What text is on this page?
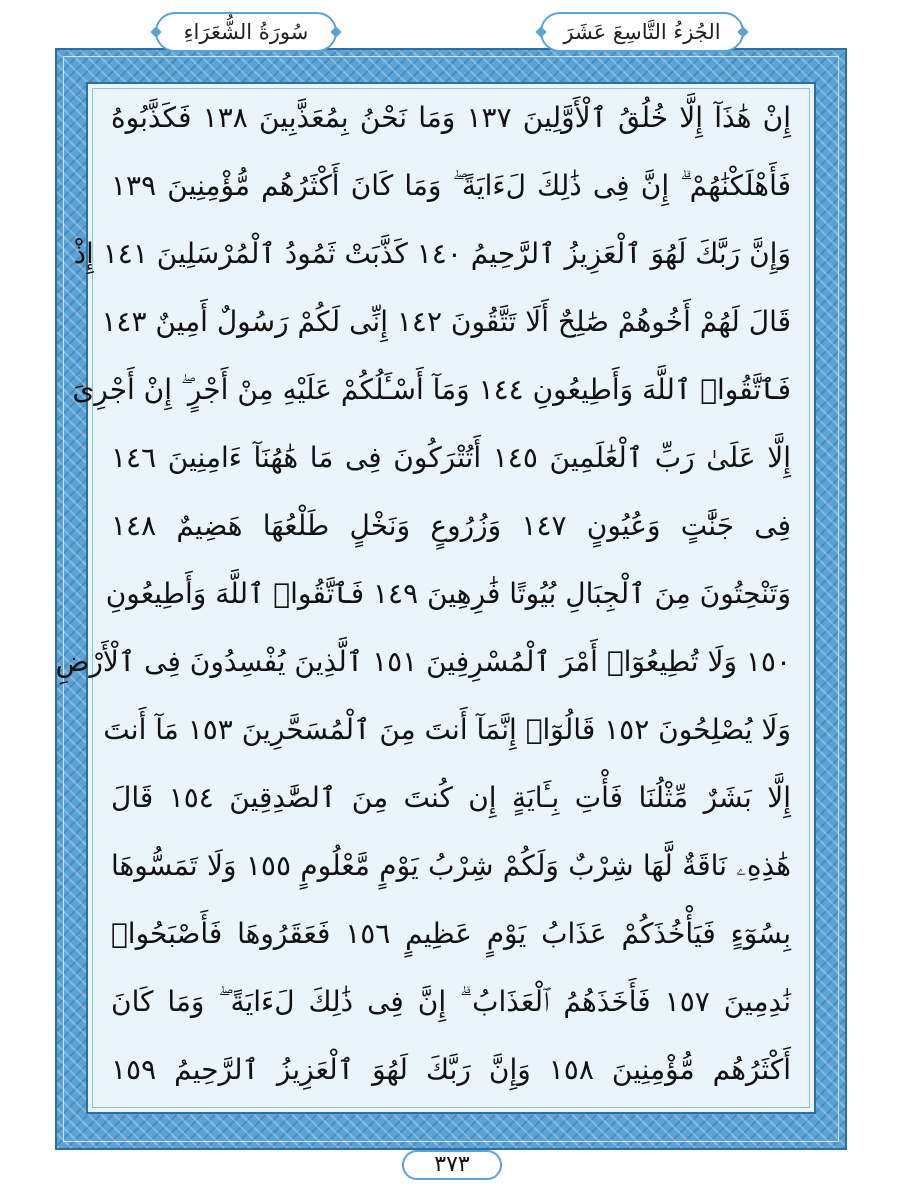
الجُزءُ التَّاسِعَ عَشَرَ
سُورَةُ الشُّعَرَاءِ
إِنْ هَٰذَآ إِلَّا خُلُقُ ٱلْأَوَّلِينَ ١٣٧ وَمَا نَحْنُ بِمُعَذَّبِينَ ١٣٨ فَكَذَّبُوهُ
فَأَهْلَكْنَٰهُمْ ۗ إِنَّ فِى ذَٰلِكَ لَءَايَةً ۖ وَمَا كَانَ أَكْثَرُهُم مُّؤْمِنِينَ ١٣٩
وَإِنَّ رَبَّكَ لَهُوَ ٱلْعَزِيزُ ٱلرَّحِيمُ ١٤٠ كَذَّبَتْ ثَمُودُ ٱلْمُرْسَلِينَ ١٤١ إِذْ
قَالَ لَهُمْ أَخُوهُمْ صَٰلِحٌ أَلَا تَتَّقُونَ ١٤٢ إِنِّى لَكُمْ رَسُولٌ أَمِينٌ ١٤٣
فَٱتَّقُوا۟ ٱللَّهَ وَأَطِيعُونِ ١٤٤ وَمَآ أَسْـَٔلُكُمْ عَلَيْهِ مِنْ أَجْرٍ ۖ إِنْ أَجْرِىَ
إِلَّا عَلَىٰ رَبِّ ٱلْعَٰلَمِينَ ١٤٥ أَتُتْرَكُونَ فِى مَا هَٰهُنَآ ءَامِنِينَ ١٤٦
فِى جَنَّٰتٍ وَعُيُونٍ ١٤٧ وَزُرُوعٍ وَنَخْلٍ طَلْعُهَا هَضِيمٌ ١٤٨
وَتَنْحِتُونَ مِنَ ٱلْجِبَالِ بُيُوتًا فَٰرِهِينَ ١٤٩ فَٱتَّقُوا۟ ٱللَّهَ وَأَطِيعُونِ
١٥٠ وَلَا تُطِيعُوٓا۟ أَمْرَ ٱلْمُسْرِفِينَ ١٥١ ٱلَّذِينَ يُفْسِدُونَ فِى ٱلْأَرْضِ
وَلَا يُصْلِحُونَ ١٥٢ قَالُوٓا۟ إِنَّمَآ أَنتَ مِنَ ٱلْمُسَحَّرِينَ ١٥٣ مَآ أَنتَ
إِلَّا بَشَرٌ مِّثْلُنَا فَأْتِ بِـَٔايَةٍ إِن كُنتَ مِنَ ٱلصَّٰدِقِينَ ١٥٤ قَالَ
هَٰذِهِۦ نَاقَةٌ لَّهَا شِرْبٌ وَلَكُمْ شِرْبُ يَوْمٍ مَّعْلُومٍ ١٥٥ وَلَا تَمَسُّوهَا
بِسُوٓءٍ فَيَأْخُذَكُمْ عَذَابُ يَوْمٍ عَظِيمٍ ١٥٦ فَعَقَرُوهَا فَأَصْبَحُوا۟
نَٰدِمِينَ ١٥٧ فَأَخَذَهُمُ ٱلْعَذَابُ ۗ إِنَّ فِى ذَٰلِكَ لَءَايَةً ۖ وَمَا كَانَ
أَكْثَرُهُم مُّؤْمِنِينَ ١٥٨ وَإِنَّ رَبَّكَ لَهُوَ ٱلْعَزِيزُ ٱلرَّحِيمُ ١٥٩
٣٧٣
